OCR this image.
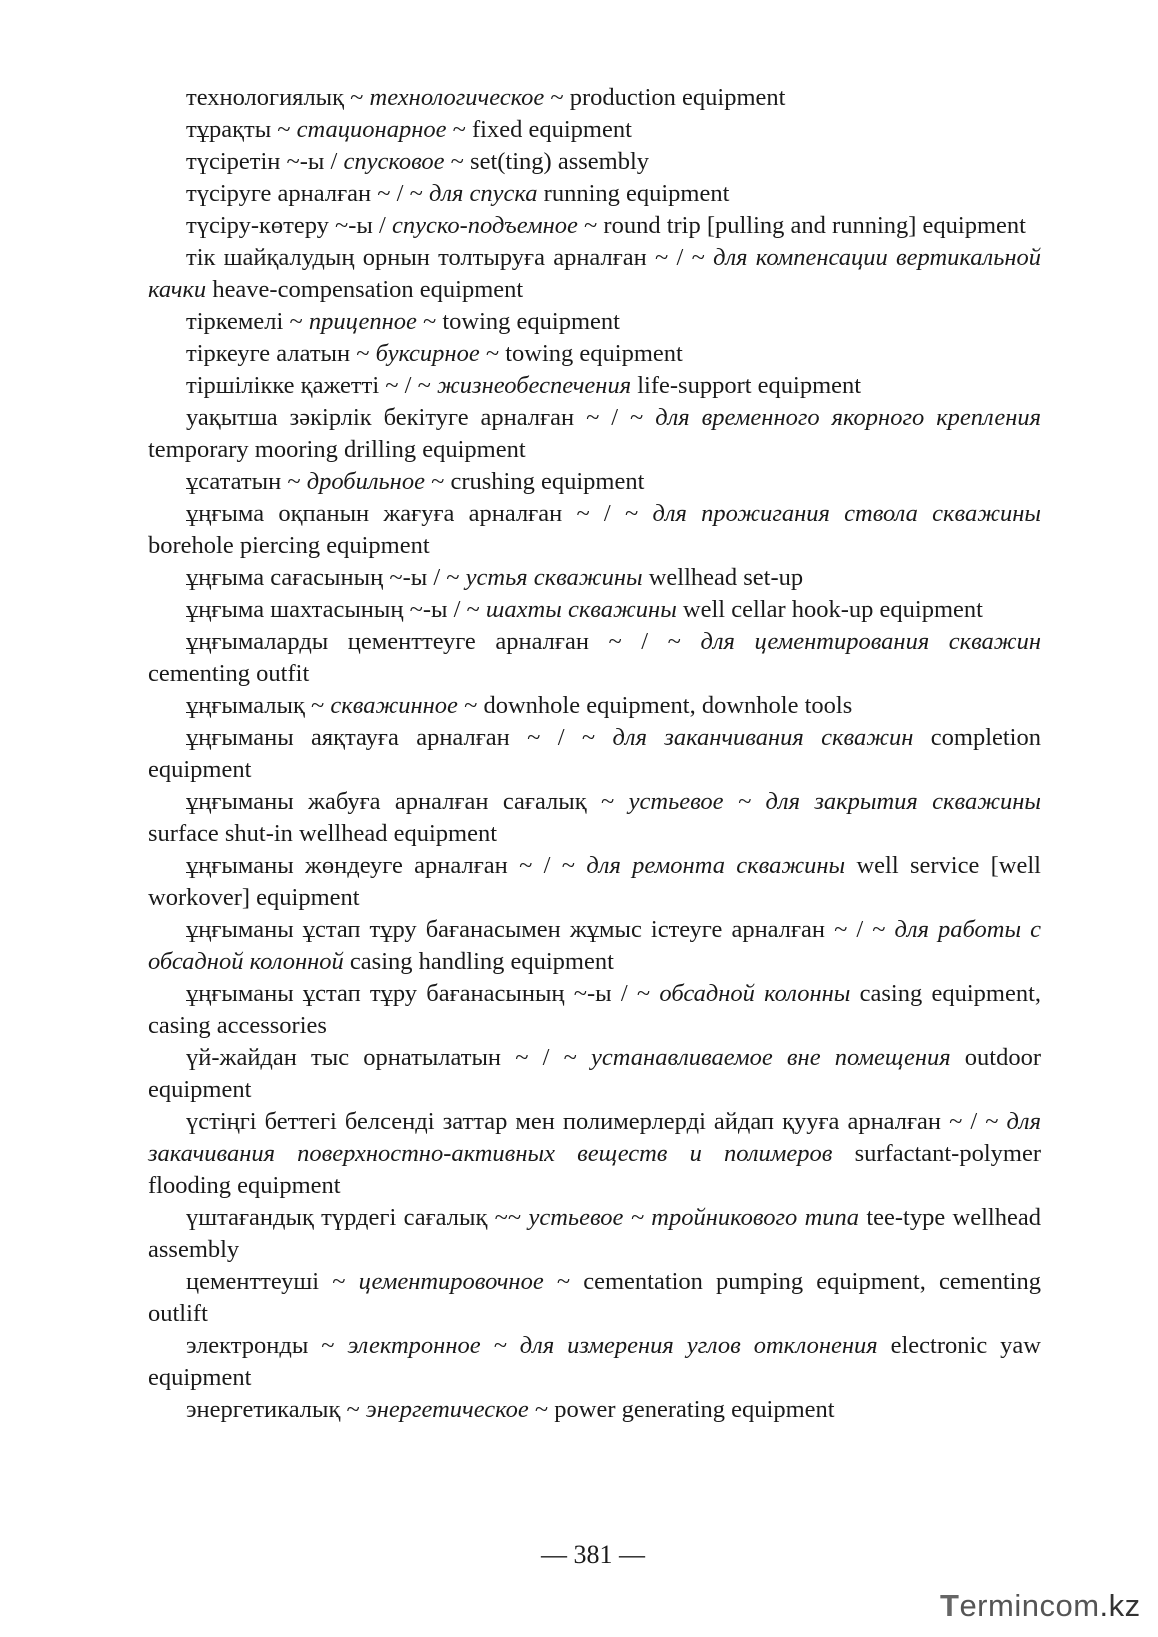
технологиялық ~ технологическое ~ production equipment

тұрақты ~ стационарное ~ fixed equipment

түсіретін ~-ы / спусковое ~ set(ting) assembly

түсіруге арналған ~ / ~ для спуска running equipment

түсіру-көтеру ~-ы / спуско-подъемное ~ round trip [pulling and running] equipment

тік шайқалудың орнын толтыруға арналған ~ / ~ для компенсации вертикальной качки heave-compensation equipment

тіркемелі ~ прицепное ~ towing equipment

тіркеуге алатын ~ буксирное ~ towing equipment

тіршілікке қажетті ~ / ~ жизнеобеспечения life-support equipment

уақытша зәкірлік бекітуге арналған ~ / ~ для временного якорного крепления temporary mooring drilling equipment

ұсататын ~ дробильное ~ crushing equipment

ұңғыма оқпанын жағуға арналған ~ / ~ для прожигания ствола скважины borehole piercing equipment

ұңғыма сағасының ~-ы / ~ устья скважины wellhead set-up

ұңғыма шахтасының ~-ы / ~ шахты скважины well cellar hook-up equipment

ұңғымаларды цементтеуге арналған ~ / ~ для цементирования скважин cementing outfit

ұңғымалық ~ скважинное ~ downhole equipment, downhole tools

ұңғыманы аяқтауға арналған ~ / ~ для заканчивания скважин completion equipment

ұңғыманы жабуға арналған сағалық ~ устьевое ~ для закрытия скважины surface shut-in wellhead equipment

ұңғыманы жөндеуге арналған ~ / ~ для ремонта скважины well service [well workover] equipment

ұңғыманы ұстап тұру бағанасымен жұмыс істеуге арналған ~ / ~ для работы с обсадной колонной casing handling equipment

ұңғыманы ұстап тұру бағанасының ~-ы / ~ обсадной колонны casing equipment, casing accessories

үй-жайдан тыс орнатылатын ~ / ~ устанавливаемое вне помещения outdoor equipment

үстіңгі беттегі белсенді заттар мен полимерлерді айдап қууға арналған ~ / ~ для закачивания поверхностно-активных веществ и полимеров surfactant-polymer flooding equipment

үштағандық түрдегі сағалық ~~ устьевое ~ тройникового типа tee-type wellhead assembly

цементтеуші ~ цементировочное ~ cementation pumping equipment, cementing outlift

электронды ~ электронное ~ для измерения углов отклонения electronic yaw equipment

энергетикалық ~ энергетическое ~ power generating equipment

— 381 —
Termincom.kz
